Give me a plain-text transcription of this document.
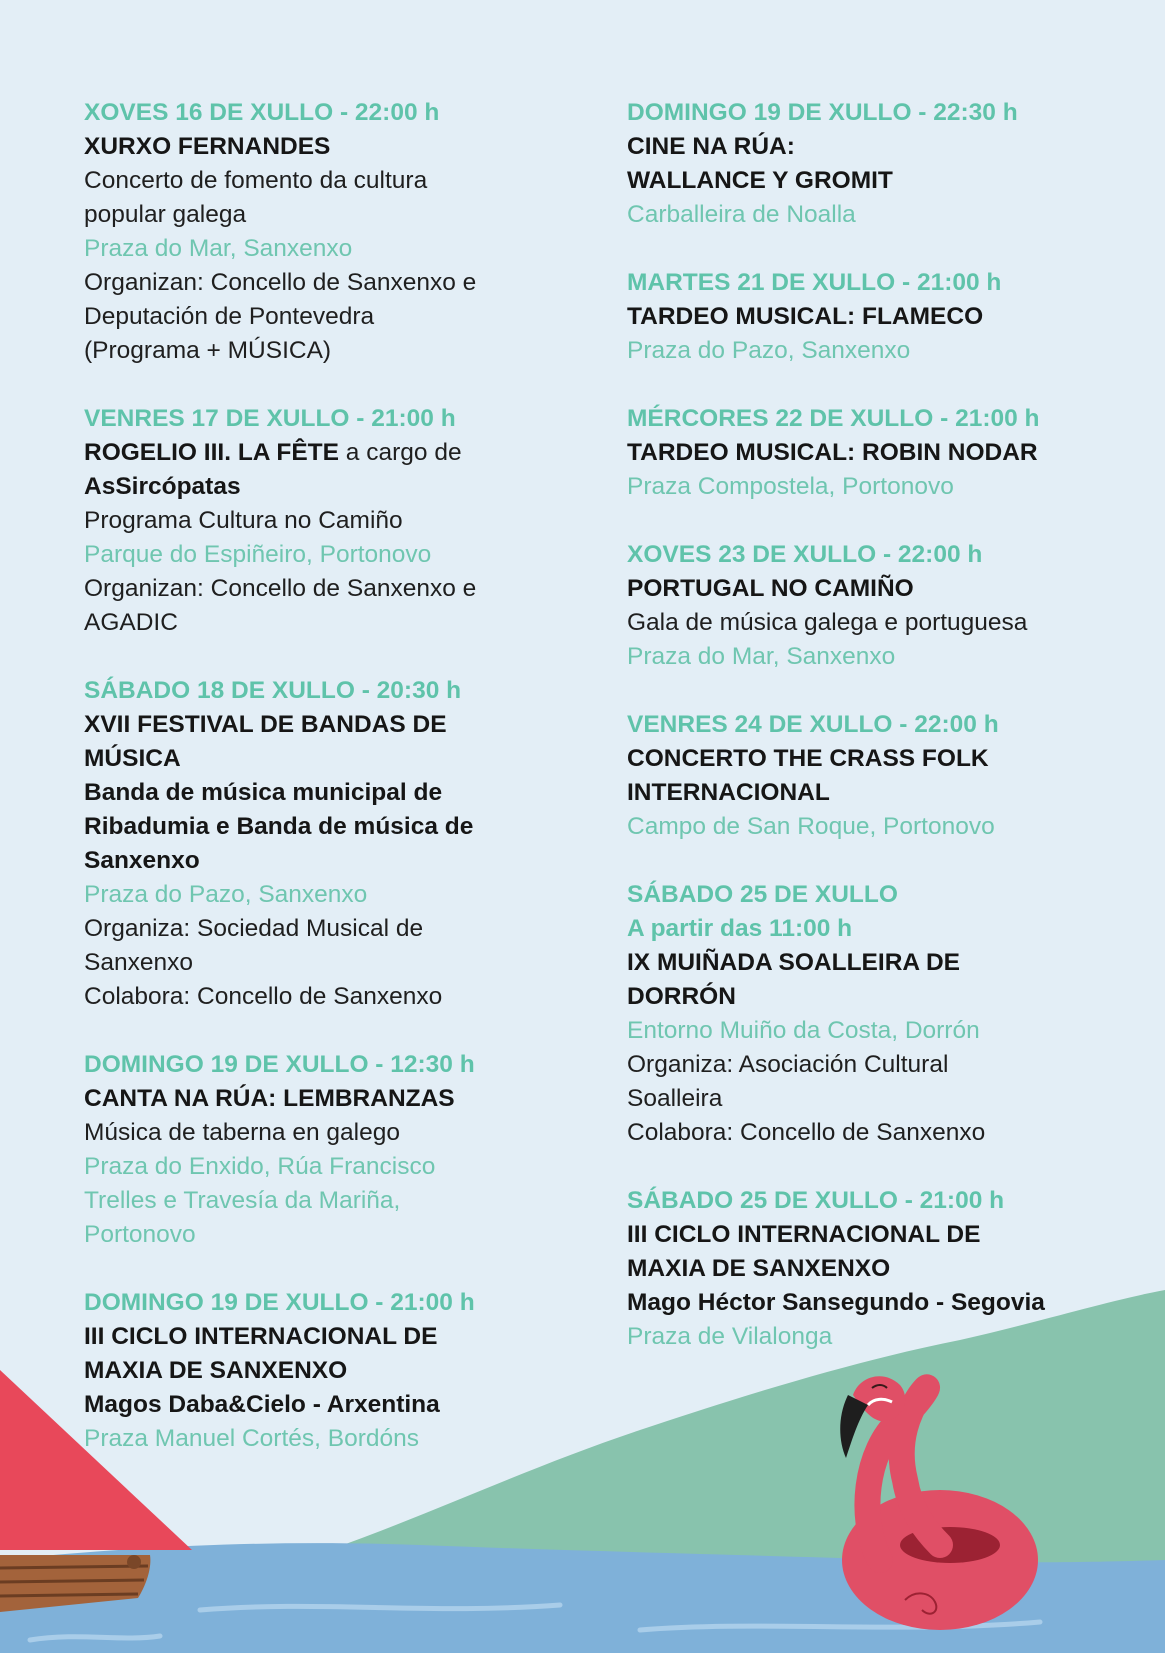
XOVES 16 DE XULLO - 22:00 h
XURXO FERNANDES
Concerto de fomento da cultura
popular galega
Praza do Mar, Sanxenxo
Organizan: Concello de Sanxenxo e
Deputación de Pontevedra
(Programa + MÚSICA)
VENRES 17 DE XULLO - 21:00 h
ROGELIO III. LA FÊTE a cargo de
AsSircópatas
Programa Cultura no Camiño
Parque do Espiñeiro, Portonovo
Organizan: Concello de Sanxenxo e
AGADIC
SÁBADO 18 DE XULLO - 20:30 h
XVII FESTIVAL DE BANDAS DE
MÚSICA
Banda de música municipal de
Ribadumia e Banda de música de
Sanxenxo
Praza do Pazo, Sanxenxo
Organiza: Sociedad Musical de
Sanxenxo
Colabora: Concello de Sanxenxo
DOMINGO 19 DE XULLO - 12:30 h
CANTA NA RÚA: LEMBRANZAS
Música de taberna en galego
Praza do Enxido, Rúa Francisco
Trelles e Travesía da Mariña,
Portonovo
DOMINGO 19 DE XULLO - 21:00 h
III CICLO INTERNACIONAL DE
MAXIA DE SANXENXO
Magos Daba&Cielo - Arxentina
Praza Manuel Cortés, Bordóns
DOMINGO 19 DE XULLO - 22:30 h
CINE NA RÚA:
WALLANCE Y GROMIT
Carballeira de Noalla
MARTES 21 DE XULLO - 21:00 h
TARDEO MUSICAL: FLAMECO
Praza do Pazo, Sanxenxo
MÉRCORES 22 DE XULLO - 21:00 h
TARDEO MUSICAL: ROBIN NODAR
Praza Compostela, Portonovo
XOVES 23 DE XULLO - 22:00 h
PORTUGAL NO CAMIÑO
Gala de música galega e portuguesa
Praza do Mar, Sanxenxo
VENRES 24 DE XULLO - 22:00 h
CONCERTO THE CRASS FOLK
INTERNACIONAL
Campo de San Roque, Portonovo
SÁBADO 25 DE XULLO
A partir das 11:00 h
IX MUIÑADA SOALLEIRA DE
DORRÓN
Entorno Muiño da Costa, Dorrón
Organiza: Asociación Cultural
Soalleira
Colabora: Concello de Sanxenxo
SÁBADO 25 DE XULLO - 21:00 h
III CICLO INTERNACIONAL DE
MAXIA DE SANXENXO
Mago Héctor Sansegundo - Segovia
Praza de Vilalonga
